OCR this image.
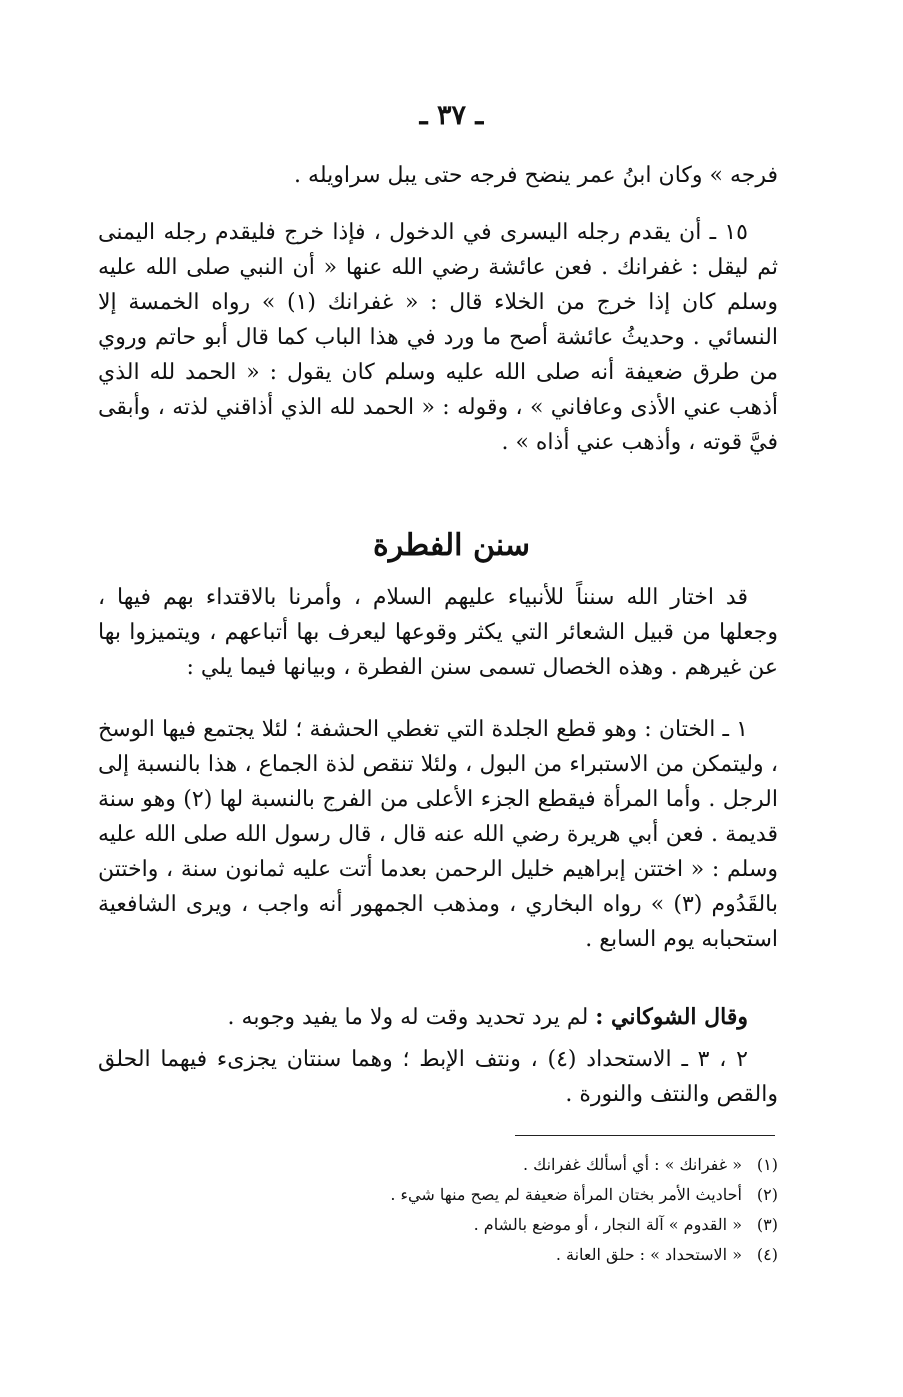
ـ ٣٧ ـ

فرجه » وكان ابنُ عمر ينضح فرجه حتى يبل سراويله .

١٥ ـ أن يقدم رجله اليسرى في الدخول ، فإذا خرج فليقدم رجله اليمنى ثم ليقل : غفرانك . فعن عائشة رضي الله عنها « أن النبي صلى الله عليه وسلم كان إذا خرج من الخلاء قال : « غفرانك (١) » رواه الخمسة إلا النسائي . وحديثُ عائشة أصح ما ورد في هذا الباب كما قال أبو حاتم وروي من طرق ضعيفة أنه صلى الله عليه وسلم كان يقول : « الحمد لله الذي أذهب عني الأذى وعافاني » ، وقوله : « الحمد لله الذي أذاقني لذته ، وأبقى فيَّ قوته ، وأذهب عني أذاه » .

سنن الفطرة

قد اختار الله سنناً للأنبياء عليهم السلام ، وأمرنا بالاقتداء بهم فيها ، وجعلها من قبيل الشعائر التي يكثر وقوعها ليعرف بها أتباعهم ، ويتميزوا بها عن غيرهم . وهذه الخصال تسمى سنن الفطرة ، وبيانها فيما يلي :

١ ـ الختان : وهو قطع الجلدة التي تغطي الحشفة ؛ لئلا يجتمع فيها الوسخ ، وليتمكن من الاستبراء من البول ، ولئلا تنقص لذة الجماع ، هذا بالنسبة إلى الرجل . وأما المرأة فيقطع الجزء الأعلى من الفرج بالنسبة لها (٢) وهو سنة قديمة . فعن أبي هريرة رضي الله عنه قال ، قال رسول الله صلى الله عليه وسلم : « اختتن إبراهيم خليل الرحمن بعدما أتت عليه ثمانون سنة ، واختتن بالقَدُوم (٣) » رواه البخاري ، ومذهب الجمهور أنه واجب ، ويرى الشافعية استحبابه يوم السابع .

وقال الشوكاني : لم يرد تحديد وقت له ولا ما يفيد وجوبه .

٢ ، ٣ ـ الاستحداد (٤) ، ونتف الإبط ؛ وهما سنتان يجزىء فيهما الحلق والقص والنتف والنورة .

(١)« غفرانك » : أي أسألك غفرانك .
(٢)أحاديث الأمر بختان المرأة ضعيفة لم يصح منها شيء .
(٣)« القدوم » آلة النجار ، أو موضع بالشام .
(٤)« الاستحداد » : حلق العانة .
